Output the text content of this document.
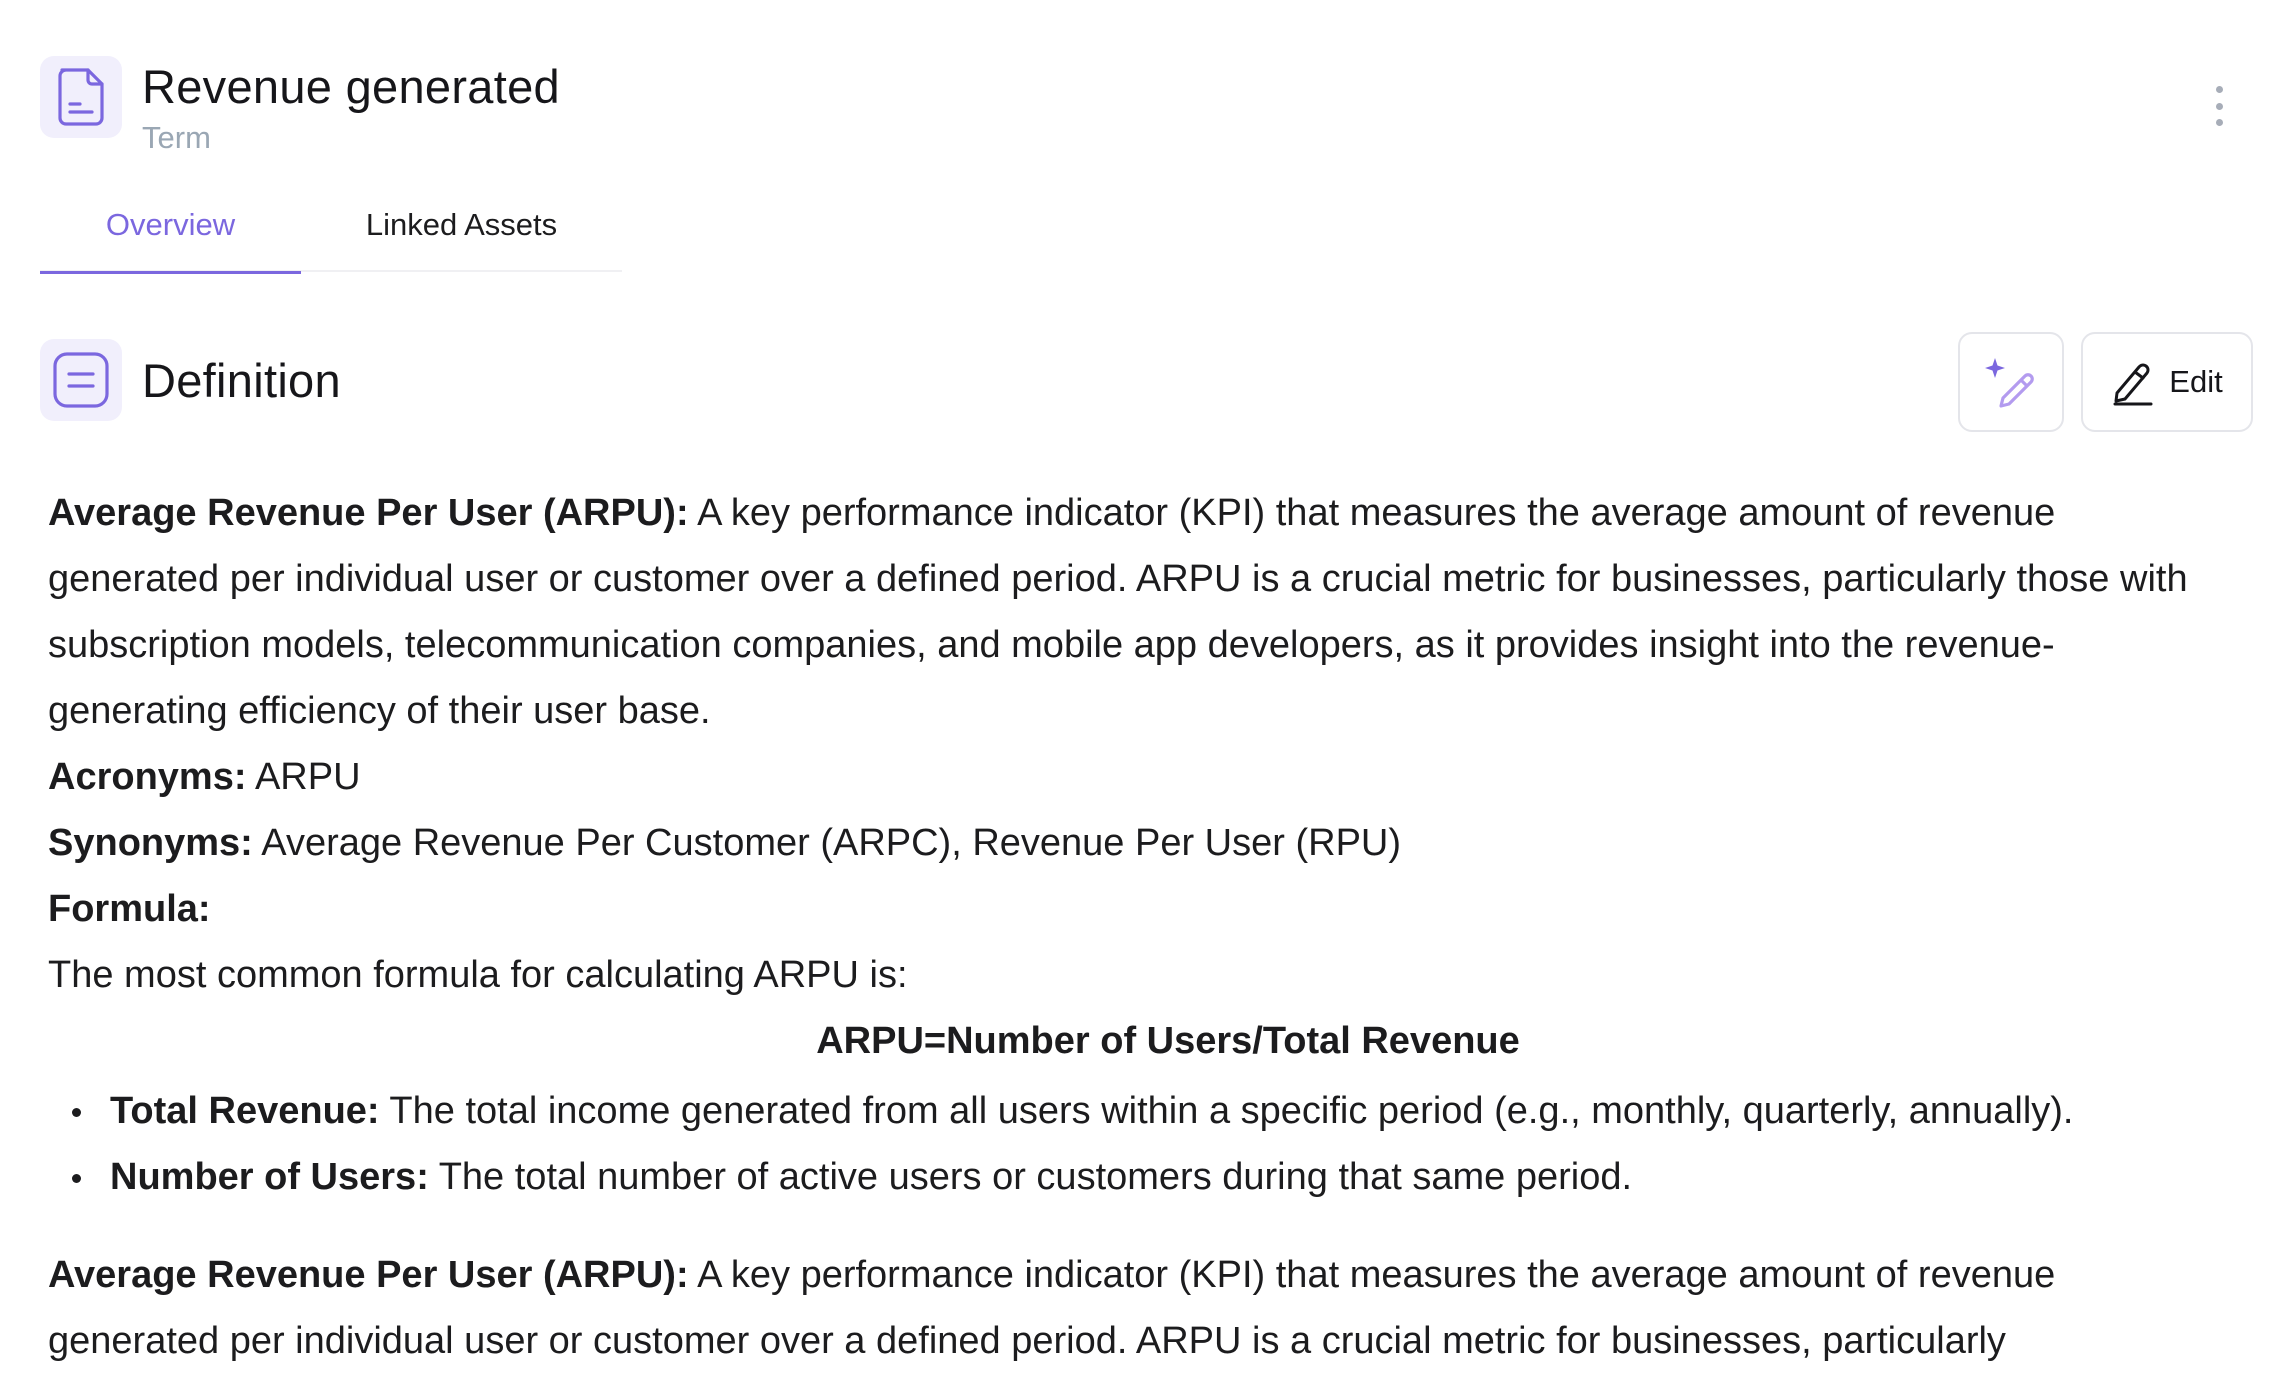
Revenue generated
Term
Overview	Linked Assets
Definition	Edit
Average Revenue Per User (ARPU): A key performance indicator (KPI) that measures the average amount of revenue generated per individual user or customer over a defined period. ARPU is a crucial metric for businesses, particularly those with subscription models, telecommunication companies, and mobile app developers, as it provides insight into the revenue-generating efficiency of their user base.
Acronyms: ARPU
Synonyms: Average Revenue Per Customer (ARPC), Revenue Per User (RPU)
Formula:
The most common formula for calculating ARPU is:
ARPU=Number of Users/Total Revenue
Total Revenue: The total income generated from all users within a specific period (e.g., monthly, quarterly, annually).
Number of Users: The total number of active users or customers during that same period.
Average Revenue Per User (ARPU): A key performance indicator (KPI) that measures the average amount of revenue generated per individual user or customer over a defined period. ARPU is a crucial metric for businesses, particularly
